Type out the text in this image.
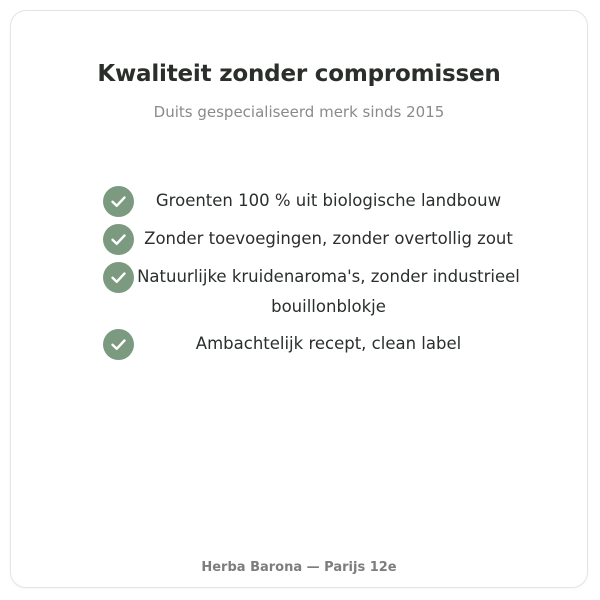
Kwaliteit zonder compromissen
Duits gespecialiseerd merk sinds 2015
Groenten 100 % uit biologische landbouw
Zonder toevoegingen, zonder overtollig zout
Natuurlijke kruidenaroma's, zonder industrieel bouillonblokje
Ambachtelijk recept, clean label
Herba Barona — Parijs 12e
